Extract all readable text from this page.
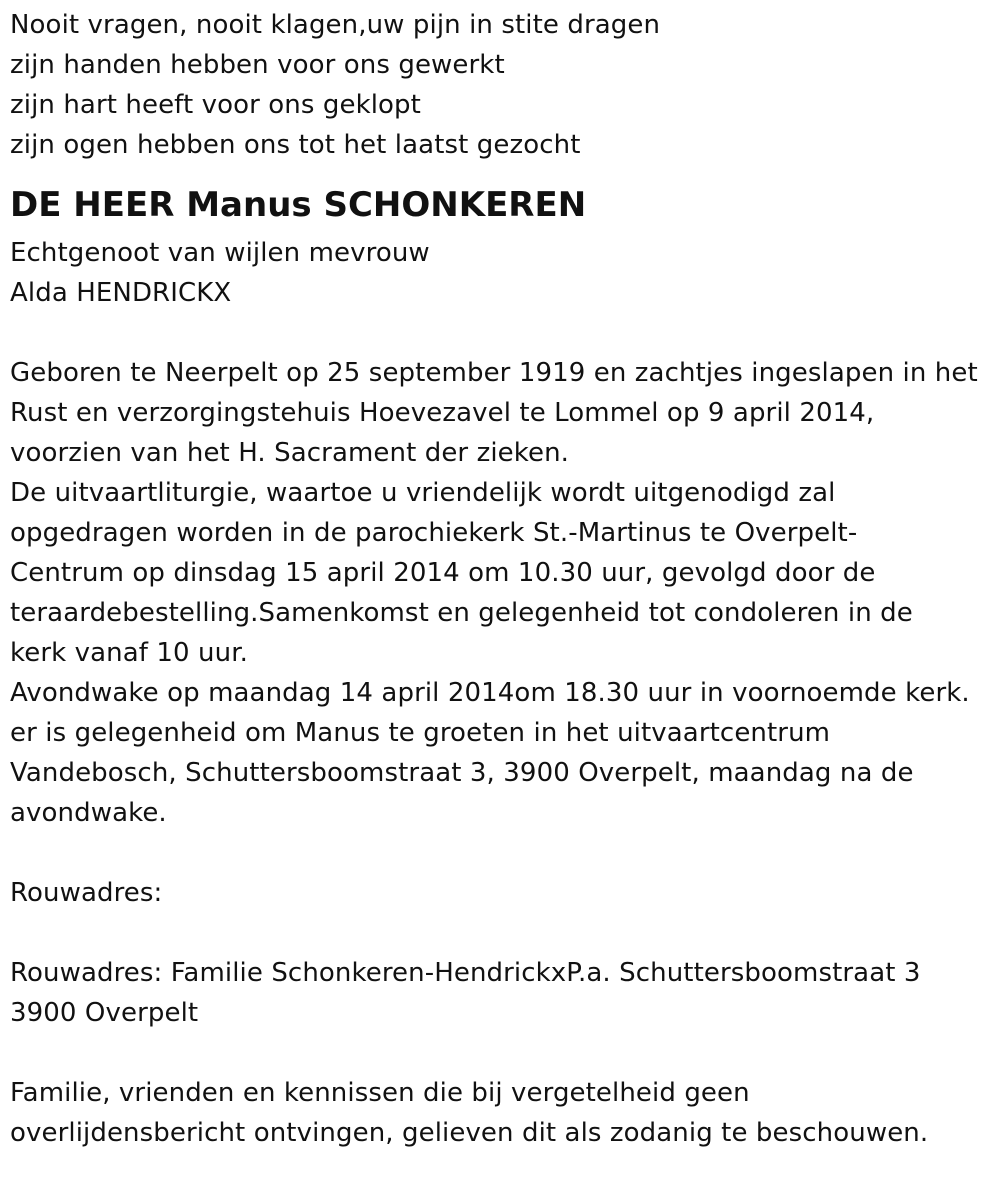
Nooit vragen, nooit klagen,uw pijn in stite dragen
zijn handen hebben voor ons gewerkt
zijn hart heeft voor ons geklopt
zijn ogen hebben ons tot het laatst gezocht
DE HEER Manus SCHONKEREN
Echtgenoot van wijlen mevrouw
Alda HENDRICKX
Geboren te Neerpelt op 25 september 1919 en zachtjes ingeslapen in het
Rust en verzorgingstehuis Hoevezavel te Lommel op 9 april 2014,
voorzien van het H. Sacrament der zieken.
De uitvaartliturgie, waartoe u vriendelijk wordt uitgenodigd zal
opgedragen worden in de parochiekerk St.-Martinus te Overpelt-
Centrum op dinsdag 15 april 2014 om 10.30 uur, gevolgd door de
teraardebestelling.Samenkomst en gelegenheid tot condoleren in de
kerk vanaf 10 uur.
Avondwake op maandag 14 april 2014om 18.30 uur in voornoemde kerk.
er is gelegenheid om Manus te groeten in het uitvaartcentrum
Vandebosch, Schuttersboomstraat 3, 3900 Overpelt, maandag na de
avondwake.
Rouwadres:
Rouwadres: Familie Schonkeren-HendrickxP.a. Schuttersboomstraat 3
3900 Overpelt
Familie, vrienden en kennissen die bij vergetelheid geen
overlijdensbericht ontvingen, gelieven dit als zodanig te beschouwen.
